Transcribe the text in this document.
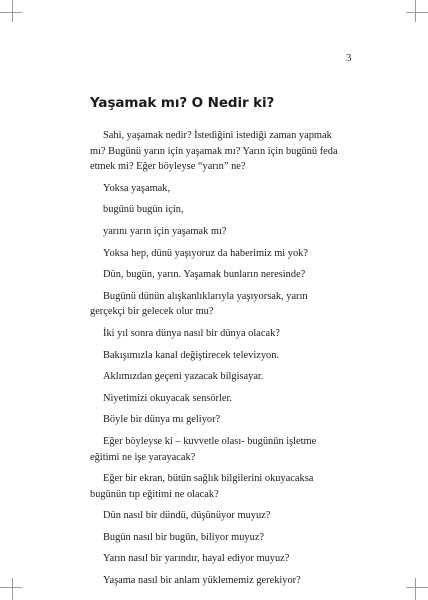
3
Yaşamak mı? O Nedir ki?

Sahi, yaşamak nedir? İstediğini istediği zaman yapmak mı? Bugünü yarın için yaşamak mı? Yarın için bugünü feda etmek mi? Eğer böyleyse “yarın” ne?

Yoksa yaşamak,

bugünü bugün için,

yarını yarın için yaşamak mı?

Yoksa hep, dünü yaşıyoruz da haberimiz mi yok?

Dün, bugün, yarın. Yaşamak bunların neresinde?

Bugünü dünün alışkanlıklarıyla yaşıyorsak, yarın gerçekçi bir gelecek olur mu?

İki yıl sonra dünya nasıl bir dünya olacak?

Bakışımızla kanal değiştirecek televizyon.

Aklımızdan geçeni yazacak bilgisayar.

Niyetimizi okuyacak sensörler.

Böyle bir dünya mı geliyor?

Eğer böyleyse ki – kuvvetle olası- bugünün işletme eğitimi ne işe yarayacak?

Eğer bir ekran, bütün sağlık bilgilerini okuyacaksa bugünün tıp eğitimi ne olacak?

Dün nasıl bir dündü, düşünüyor muyuz?

Bugün nasıl bir bugün, biliyor muyuz?

Yarın nasıl bir yarındır, hayal ediyor muyuz?

Yaşama nasıl bir anlam yüklememiz gerekiyor?
